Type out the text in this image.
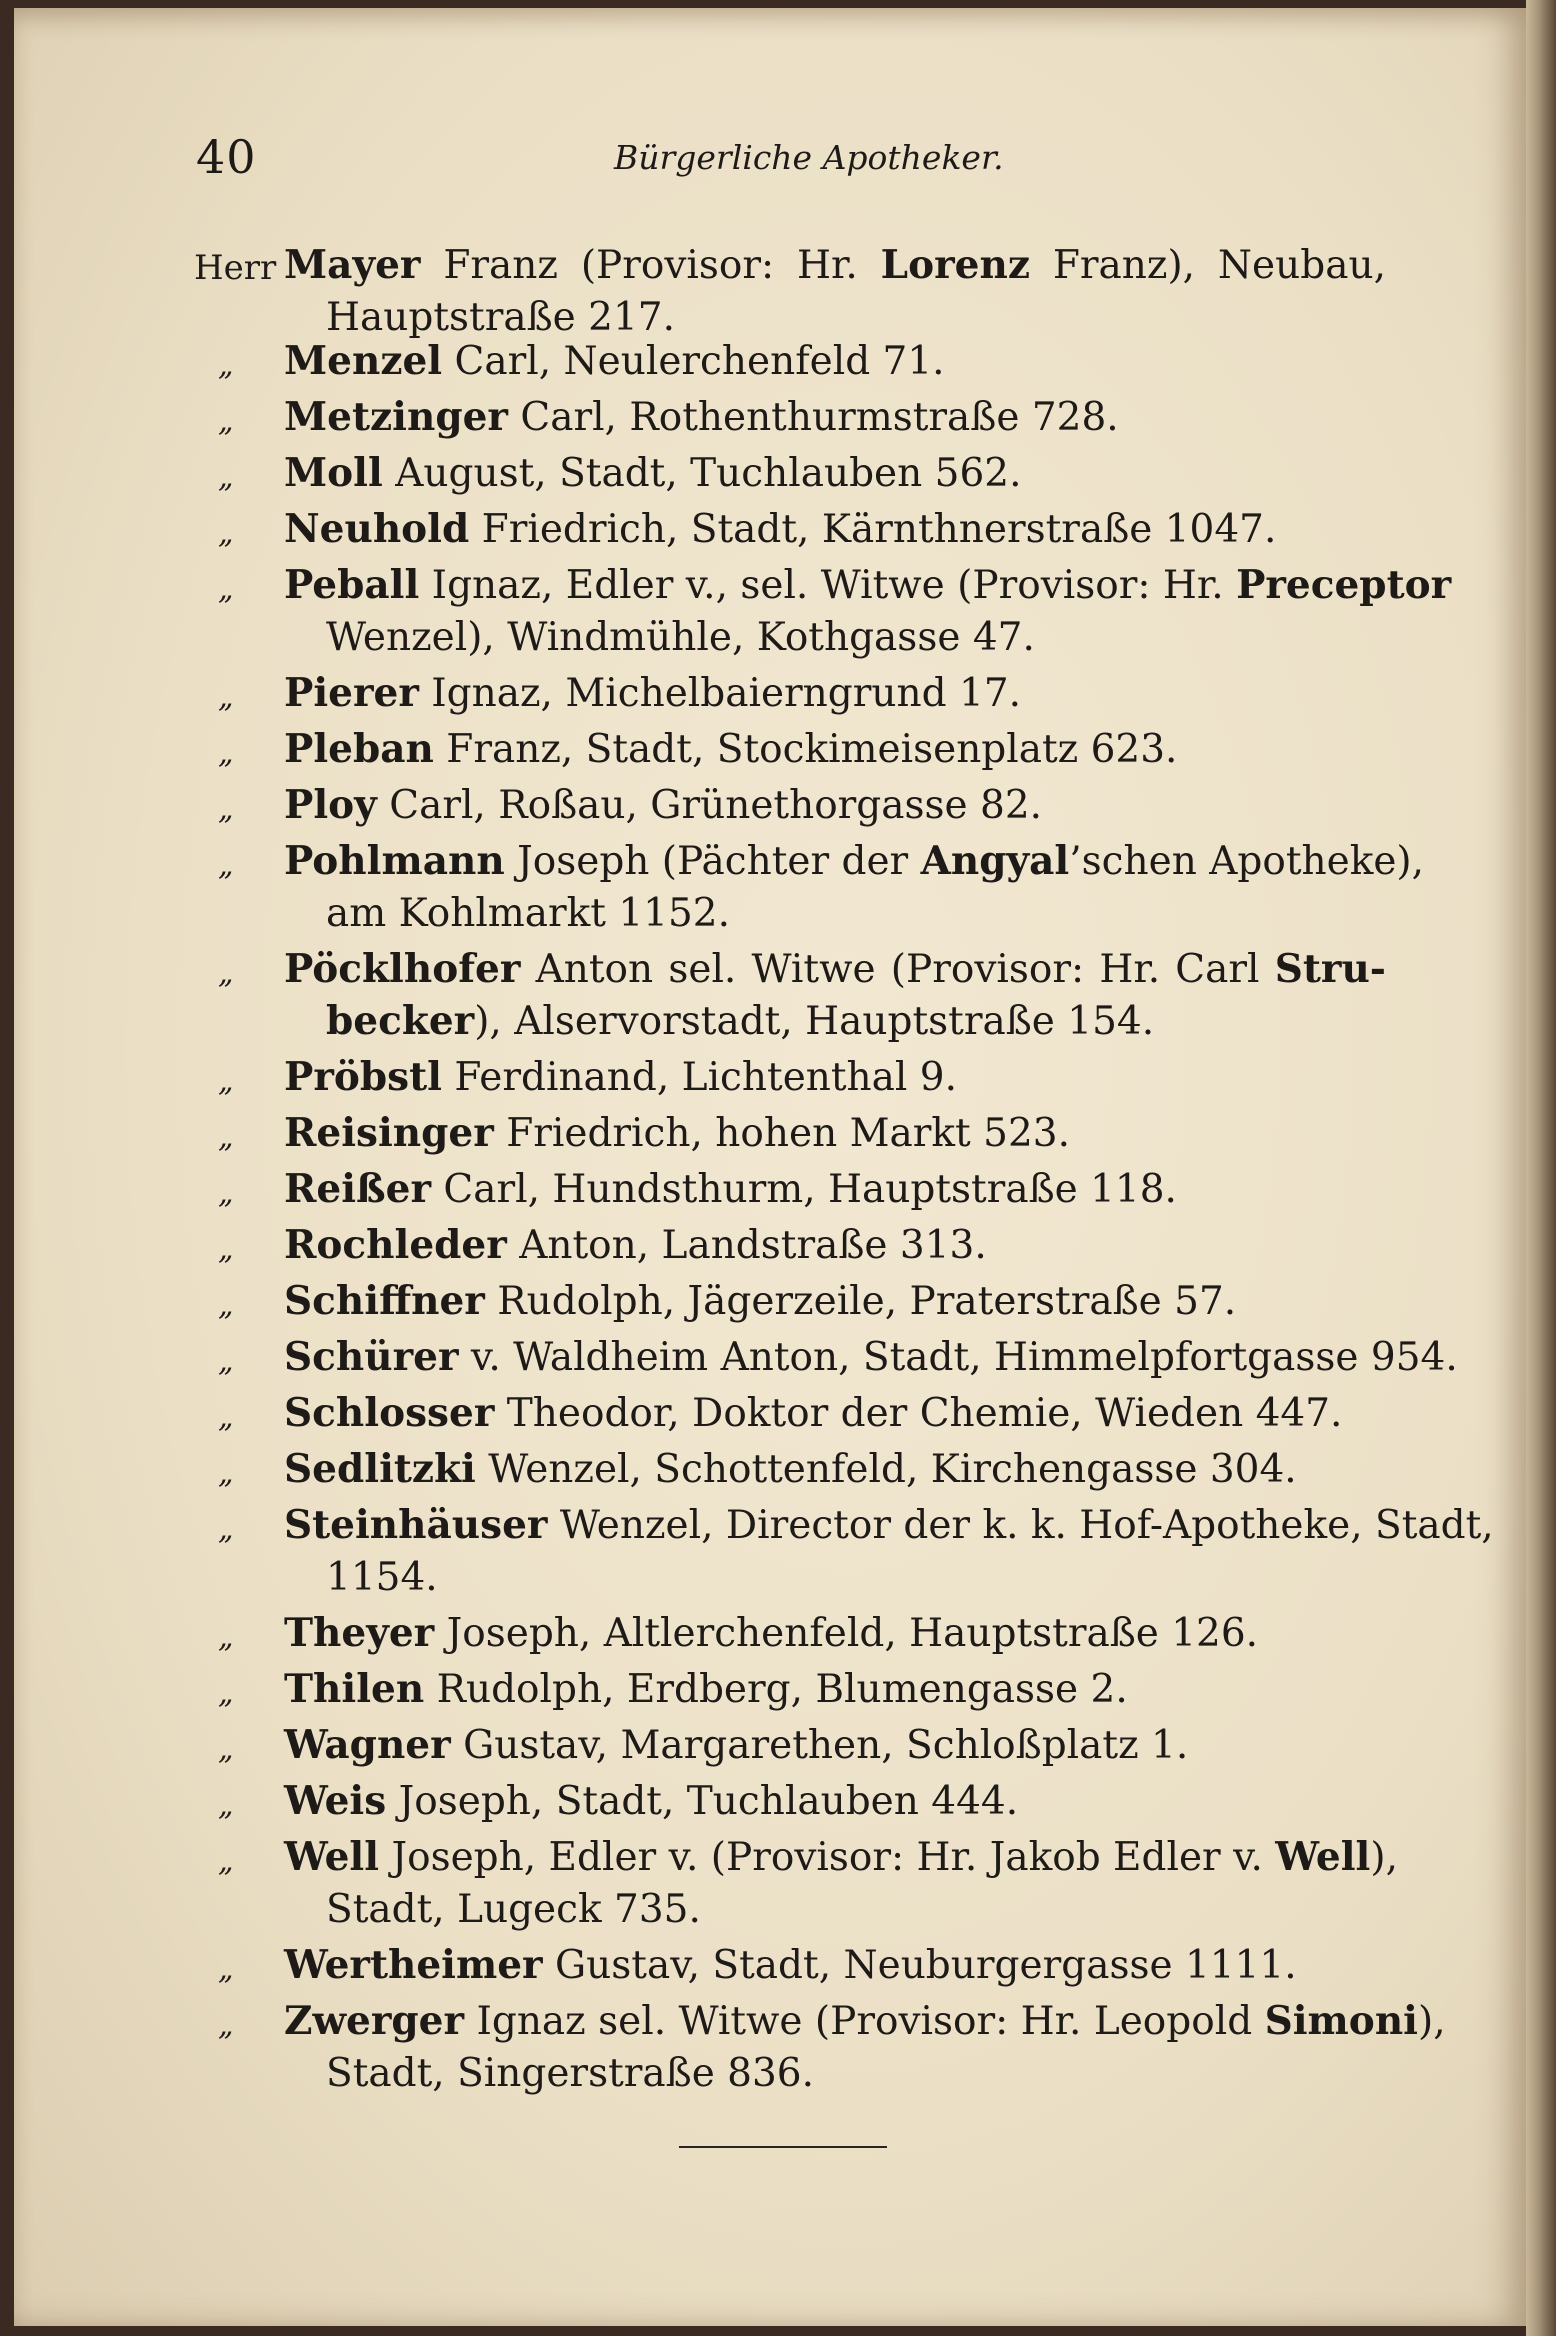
40	Bürgerliche Apotheker.
Herr Mayer Franz (Provisor: Hr. Lorenz Franz), Neubau,
Hauptstraße 217.
„ Menzel Carl, Neulerchenfeld 71.
„ Metzinger Carl, Rothenthurmstraße 728.
„ Moll August, Stadt, Tuchlauben 562.
„ Neuhold Friedrich, Stadt, Kärnthnerstraße 1047.
„ Peball Ignaz, Edler v., sel. Witwe (Provisor: Hr. Preceptor
Wenzel), Windmühle, Kothgasse 47.
„ Pierer Ignaz, Michelbaierngrund 17.
„ Pleban Franz, Stadt, Stockimeisenplatz 623.
„ Ploy Carl, Roßau, Grünethorgasse 82.
„ Pohlmann Joseph (Pächter der Angyal’schen Apotheke),
am Kohlmarkt 1152.
„ Pöcklhofer Anton sel. Witwe (Provisor: Hr. Carl Stru-
becker), Alservorstadt, Hauptstraße 154.
„ Pröbstl Ferdinand, Lichtenthal 9.
„ Reisinger Friedrich, hohen Markt 523.
„ Reißer Carl, Hundsthurm, Hauptstraße 118.
„ Rochleder Anton, Landstraße 313.
„ Schiffner Rudolph, Jägerzeile, Praterstraße 57.
„ Schürer v. Waldheim Anton, Stadt, Himmelpfortgasse 954.
„ Schlosser Theodor, Doktor der Chemie, Wieden 447.
„ Sedlitzki Wenzel, Schottenfeld, Kirchengasse 304.
„ Steinhäuser Wenzel, Director der k. k. Hof-Apotheke, Stadt,
1154.
„ Theyer Joseph, Altlerchenfeld, Hauptstraße 126.
„ Thilen Rudolph, Erdberg, Blumengasse 2.
„ Wagner Gustav, Margarethen, Schloßplatz 1.
„ Weis Joseph, Stadt, Tuchlauben 444.
„ Well Joseph, Edler v. (Provisor: Hr. Jakob Edler v. Well),
Stadt, Lugeck 735.
„ Wertheimer Gustav, Stadt, Neuburgergasse 1111.
„ Zwerger Ignaz sel. Witwe (Provisor: Hr. Leopold Simoni),
Stadt, Singerstraße 836.
